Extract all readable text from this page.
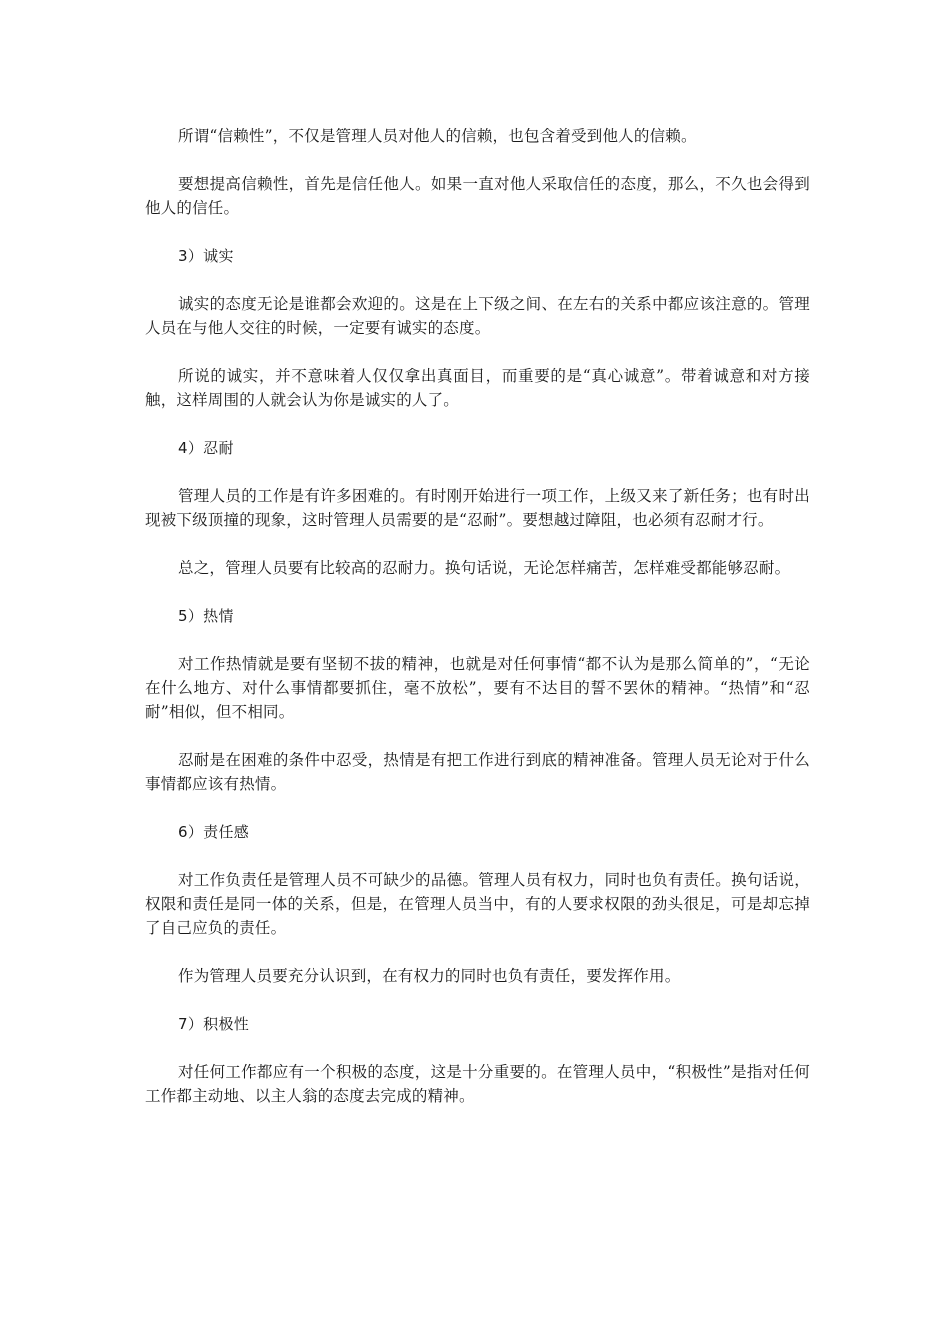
所谓“信赖性”，不仅是管理人员对他人的信赖，也包含着受到他人的信赖。

要想提高信赖性，首先是信任他人。如果一直对他人采取信任的态度，那么，不久也会得到他人的信任。

3）诚实

诚实的态度无论是谁都会欢迎的。这是在上下级之间、在左右的关系中都应该注意的。管理人员在与他人交往的时候，一定要有诚实的态度。

所说的诚实，并不意味着人仅仅拿出真面目，而重要的是“真心诚意”。带着诚意和对方接触，这样周围的人就会认为你是诚实的人了。

4）忍耐

管理人员的工作是有许多困难的。有时刚开始进行一项工作，上级又来了新任务；也有时出现被下级顶撞的现象，这时管理人员需要的是“忍耐”。要想越过障阻，也必须有忍耐才行。

总之，管理人员要有比较高的忍耐力。换句话说，无论怎样痛苦，怎样难受都能够忍耐。

5）热情

对工作热情就是要有坚韧不拔的精神，也就是对任何事情“都不认为是那么简单的”，“无论在什么地方、对什么事情都要抓住，毫不放松”，要有不达目的誓不罢休的精神。“热情”和“忍耐”相似，但不相同。

忍耐是在困难的条件中忍受，热情是有把工作进行到底的精神准备。管理人员无论对于什么事情都应该有热情。

6）责任感

对工作负责任是管理人员不可缺少的品德。管理人员有权力，同时也负有责任。换句话说，权限和责任是同一体的关系，但是，在管理人员当中，有的人要求权限的劲头很足，可是却忘掉了自己应负的责任。

作为管理人员要充分认识到，在有权力的同时也负有责任，要发挥作用。

7）积极性

对任何工作都应有一个积极的态度，这是十分重要的。在管理人员中，“积极性”是指对任何工作都主动地、以主人翁的态度去完成的精神。
